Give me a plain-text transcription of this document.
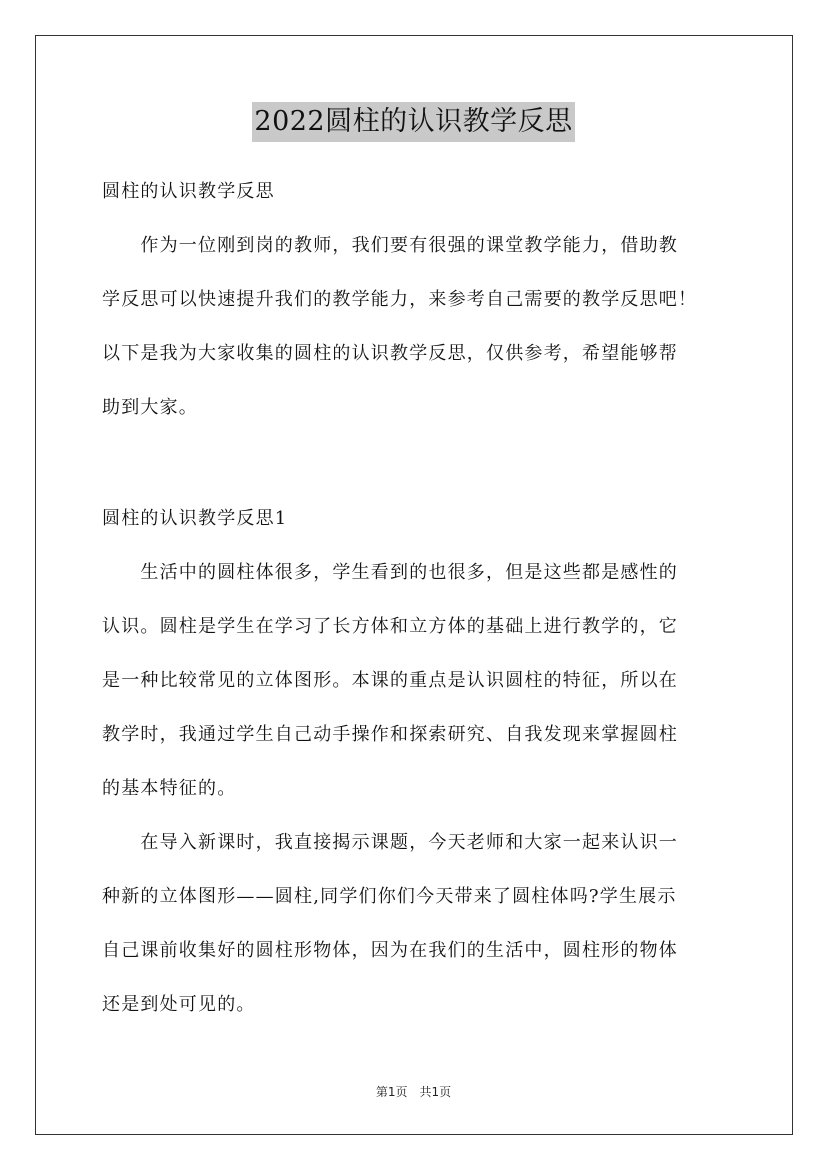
2022圆柱的认识教学反思

圆柱的认识教学反思

　　作为一位刚到岗的教师，我们要有很强的课堂教学能力，借助教
学反思可以快速提升我们的教学能力，来参考自己需要的教学反思吧！
以下是我为大家收集的圆柱的认识教学反思，仅供参考，希望能够帮
助到大家。

圆柱的认识教学反思1

　　生活中的圆柱体很多，学生看到的也很多，但是这些都是感性的
认识。圆柱是学生在学习了长方体和立方体的基础上进行教学的，它
是一种比较常见的立体图形。本课的重点是认识圆柱的特征，所以在
教学时，我通过学生自己动手操作和探索研究、自我发现来掌握圆柱
的基本特征的。

　　在导入新课时，我直接揭示课题，今天老师和大家一起来认识一
种新的立体图形——圆柱,同学们你们今天带来了圆柱体吗?学生展示
自己课前收集好的圆柱形物体，因为在我们的生活中，圆柱形的物体
还是到处可见的。

第1页　共1页
